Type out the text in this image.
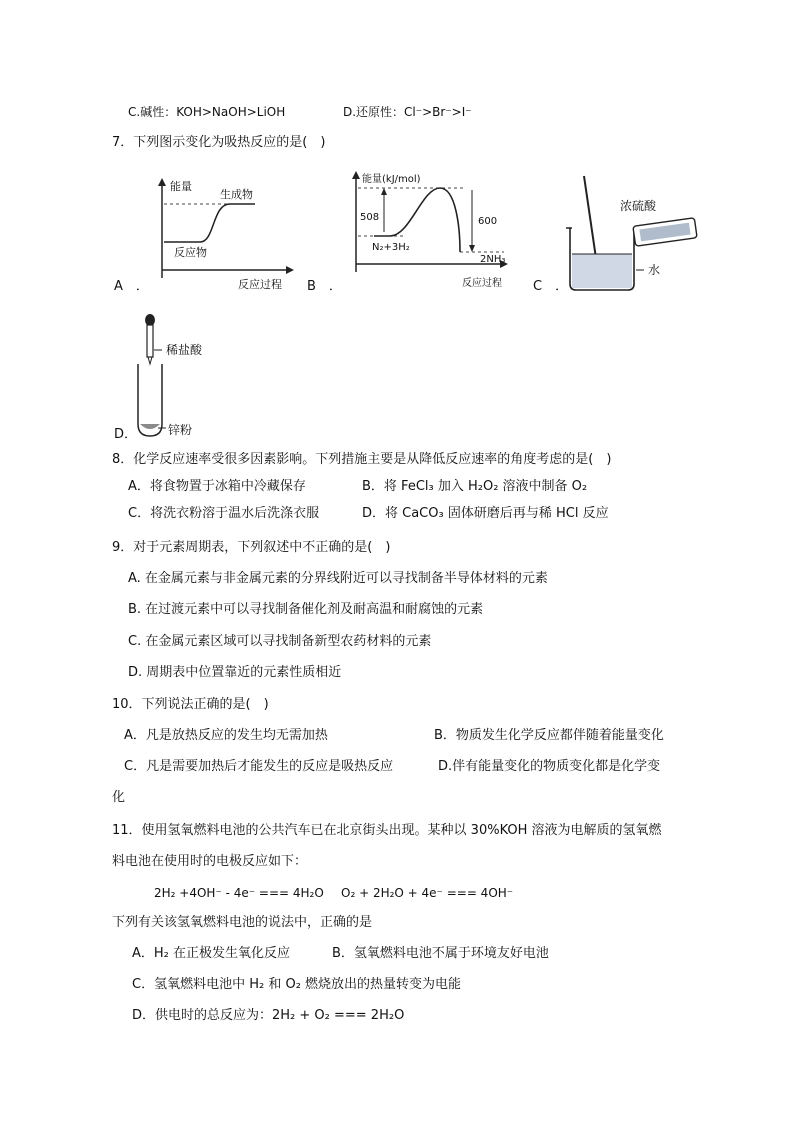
C.碱性：KOH>NaOH>LiOH	D.还原性：Cl⁻>Br⁻>I⁻
7．下列图示变化为吸热反应的是(　)
能量
生成物
反应物
反应过程
A　．
能量(kJ/mol)
508	600
N₂+3H₂
2NH₃
反应过程
B　．
浓硫酸
水
C　．
稀盐酸
锌粉
D．
8．化学反应速率受很多因素影响。下列措施主要是从降低反应速率的角度考虑的是(　)
A．将食物置于冰箱中冷藏保存	B．将 FeCl₃ 加入 H₂O₂ 溶液中制备 O₂
C．将洗衣粉溶于温水后洗涤衣服	D．将 CaCO₃ 固体研磨后再与稀 HCl 反应
9．对于元素周期表，下列叙述中不正确的是(　)
A. 在金属元素与非金属元素的分界线附近可以寻找制备半导体材料的元素
B. 在过渡元素中可以寻找制备催化剂及耐高温和耐腐蚀的元素
C. 在金属元素区域可以寻找制备新型农药材料的元素
D. 周期表中位置靠近的元素性质相近
10．下列说法正确的是(　)
A．凡是放热反应的发生均无需加热	B．物质发生化学反应都伴随着能量变化
C．凡是需要加热后才能发生的反应是吸热反应	D.伴有能量变化的物质变化都是化学变
化
11．使用氢氧燃料电池的公共汽车已在北京街头出现。某种以 30%KOH 溶液为电解质的氢氧燃
料电池在使用时的电极反应如下：
2H₂ +4OH⁻ - 4e⁻ === 4H₂O O₂ + 2H₂O + 4e⁻ === 4OH⁻
下列有关该氢氧燃料电池的说法中，正确的是
A．H₂ 在正极发生氧化反应	B．氢氧燃料电池不属于环境友好电池
C．氢氧燃料电池中 H₂ 和 O₂ 燃烧放出的热量转变为电能
D．供电时的总反应为：2H₂ + O₂ === 2H₂O
